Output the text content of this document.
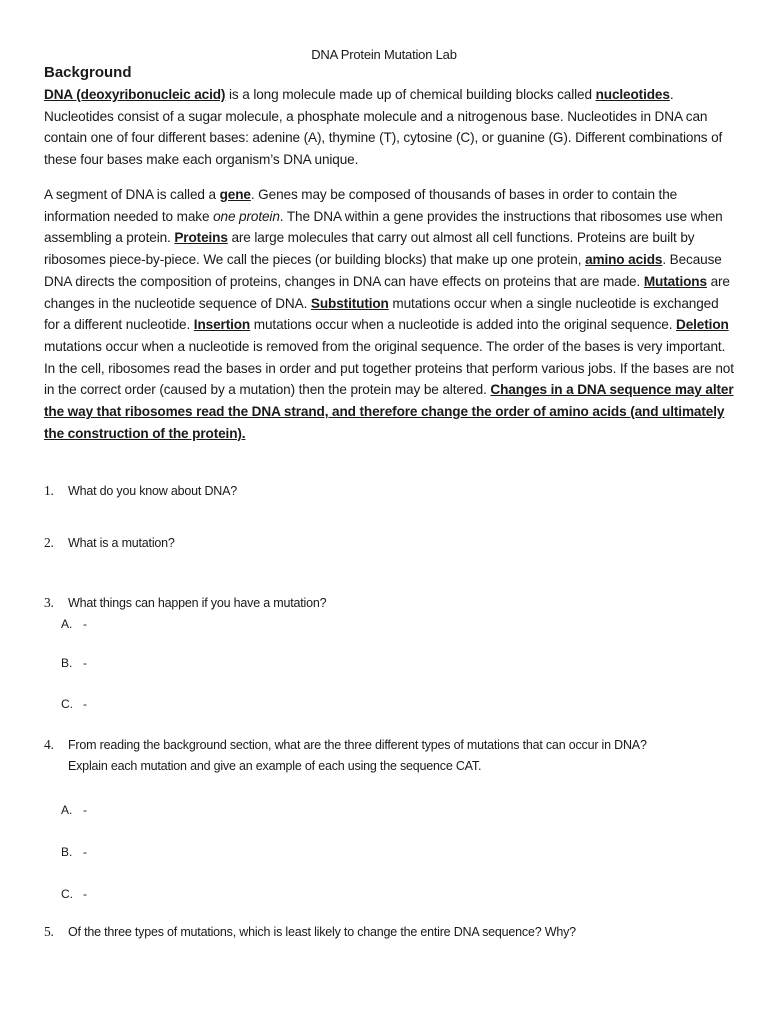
DNA Protein Mutation Lab
Background

DNA (deoxyribonucleic acid) is a long molecule made up of chemical building blocks called nucleotides. Nucleotides consist of a sugar molecule, a phosphate molecule and a nitrogenous base. Nucleotides in DNA can contain one of four different bases: adenine (A), thymine (T), cytosine (C), or guanine (G). Different combinations of these four bases make each organism’s DNA unique.

A segment of DNA is called a gene. Genes may be composed of thousands of bases in order to contain the information needed to make one protein. The DNA within a gene provides the instructions that ribosomes use when assembling a protein. Proteins are large molecules that carry out almost all cell functions. Proteins are built by ribosomes piece-by-piece. We call the pieces (or building blocks) that make up one protein, amino acids. Because DNA directs the composition of proteins, changes in DNA can have effects on proteins that are made. Mutations are changes in the nucleotide sequence of DNA. Substitution mutations occur when a single nucleotide is exchanged for a different nucleotide. Insertion mutations occur when a nucleotide is added into the original sequence. Deletion mutations occur when a nucleotide is removed from the original sequence. The order of the bases is very important. In the cell, ribosomes read the bases in order and put together proteins that perform various jobs. If the bases are not in the correct order (caused by a mutation) then the protein may be altered. Changes in a DNA sequence may alter the way that ribosomes read the DNA strand, and therefore change the order of amino acids (and ultimately the construction of the protein).

1. What do you know about DNA?
2. What is a mutation?
3. What things can happen if you have a mutation?
A. -
B. -
C. -
4. From reading the background section, what are the three different types of mutations that can occur in DNA?
Explain each mutation and give an example of each using the sequence CAT.
A. -
B. -
C. -
5. Of the three types of mutations, which is least likely to change the entire DNA sequence? Why?
